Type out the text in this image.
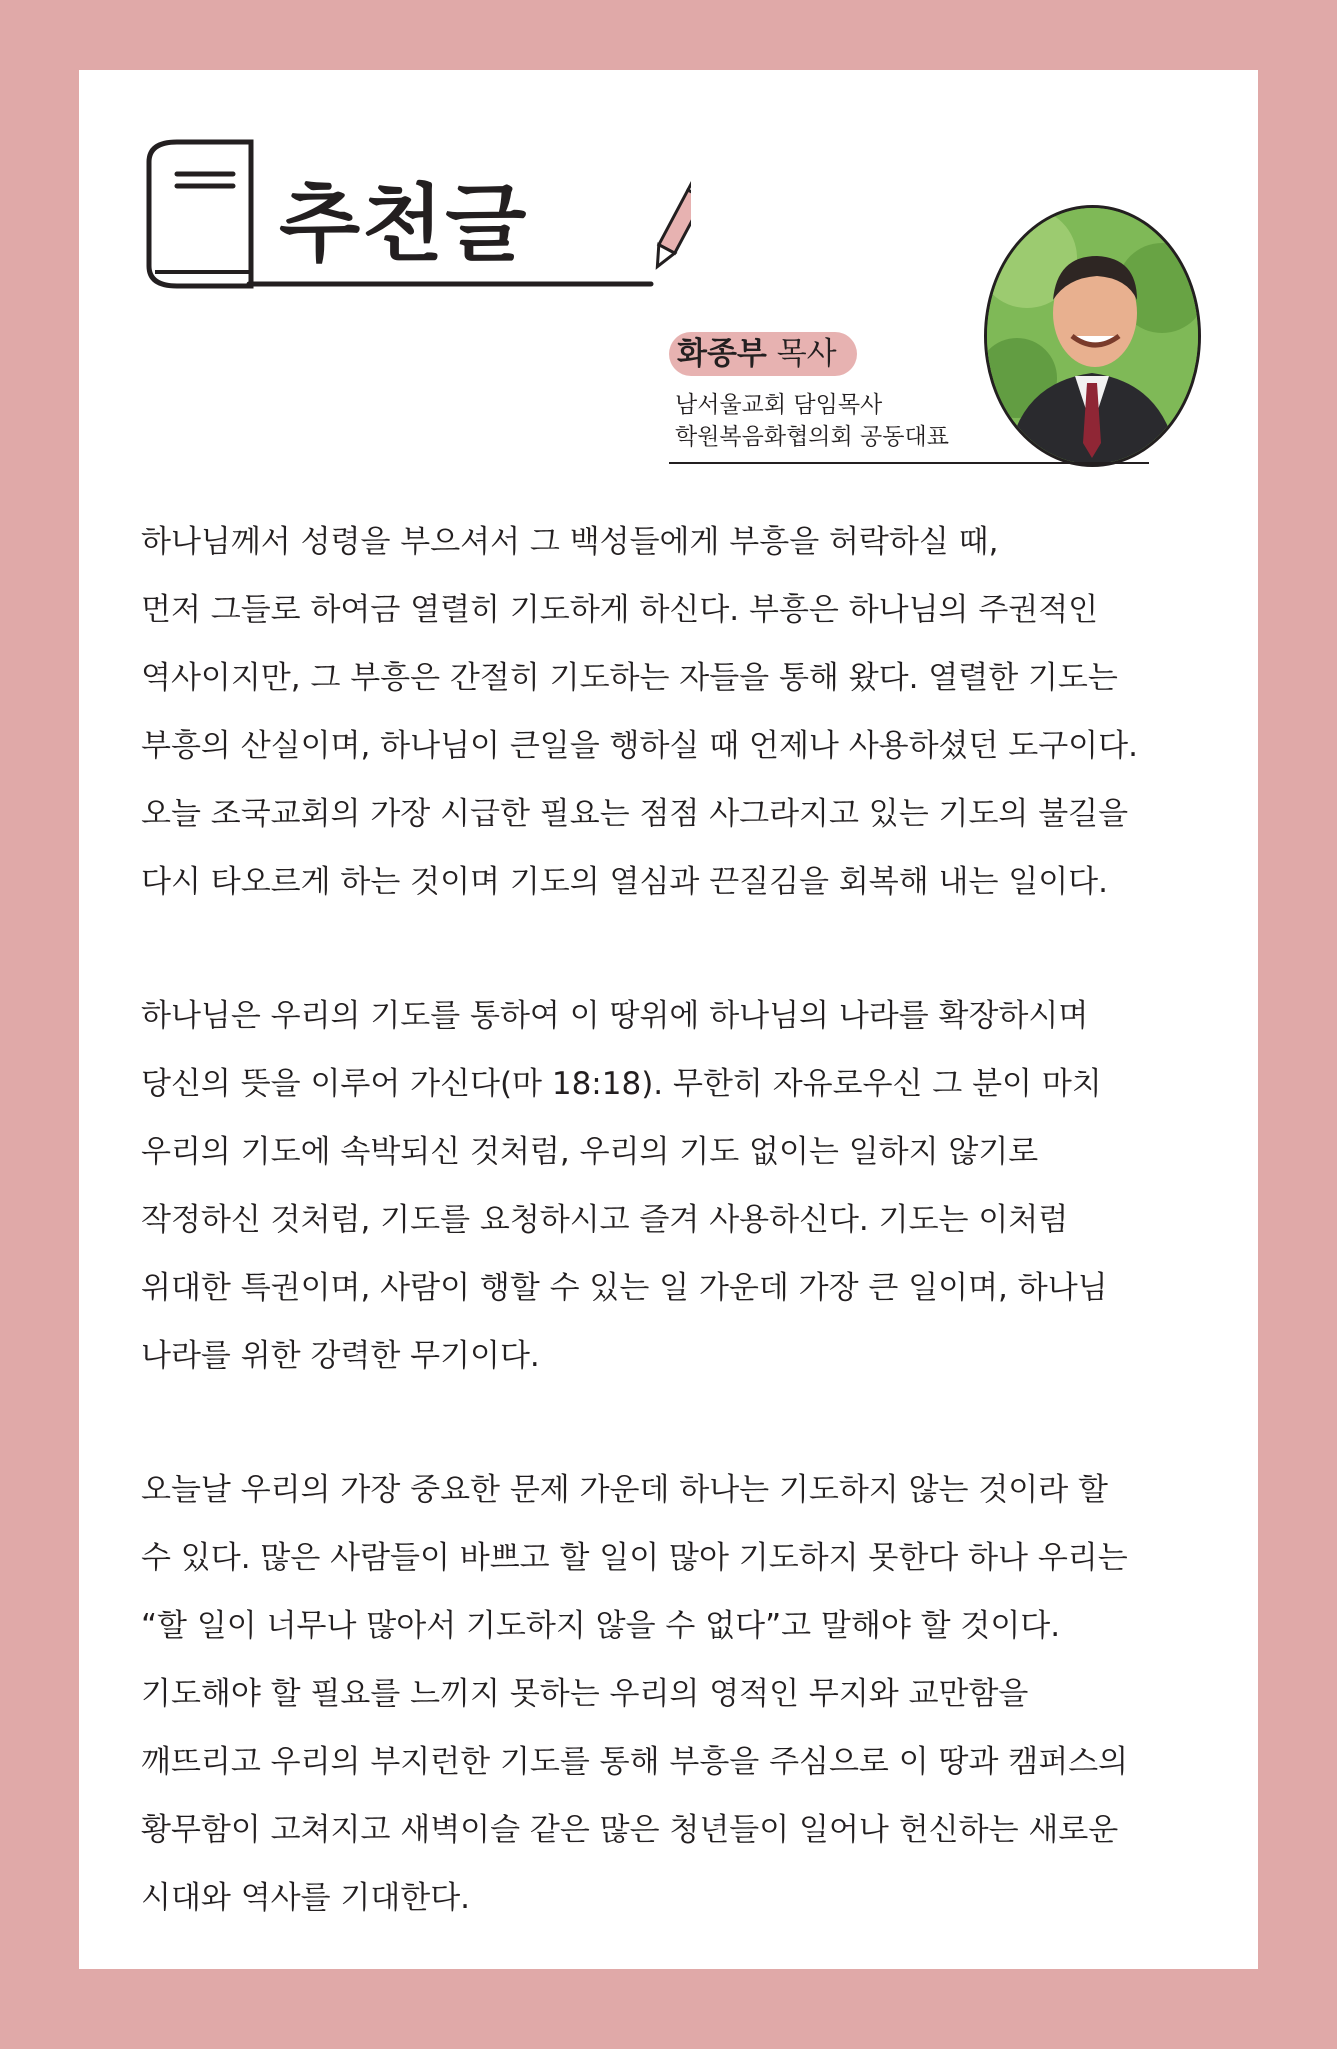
추천글
화종부 목사
남서울교회 담임목사
학원복음화협의회 공동대표
하나님께서 성령을 부으셔서 그 백성들에게 부흥을 허락하실 때,
먼저 그들로 하여금 열렬히 기도하게 하신다. 부흥은 하나님의 주권적인
역사이지만, 그 부흥은 간절히 기도하는 자들을 통해 왔다. 열렬한 기도는
부흥의 산실이며, 하나님이 큰일을 행하실 때 언제나 사용하셨던 도구이다.
오늘 조국교회의 가장 시급한 필요는 점점 사그라지고 있는 기도의 불길을
다시 타오르게 하는 것이며 기도의 열심과 끈질김을 회복해 내는 일이다.
하나님은 우리의 기도를 통하여 이 땅위에 하나님의 나라를 확장하시며
당신의 뜻을 이루어 가신다(마 18:18). 무한히 자유로우신 그 분이 마치
우리의 기도에 속박되신 것처럼, 우리의 기도 없이는 일하지 않기로
작정하신 것처럼, 기도를 요청하시고 즐겨 사용하신다. 기도는 이처럼
위대한 특권이며, 사람이 행할 수 있는 일 가운데 가장 큰 일이며, 하나님
나라를 위한 강력한 무기이다.
오늘날 우리의 가장 중요한 문제 가운데 하나는 기도하지 않는 것이라 할
수 있다. 많은 사람들이 바쁘고 할 일이 많아 기도하지 못한다 하나 우리는
“할 일이 너무나 많아서 기도하지 않을 수 없다”고 말해야 할 것이다.
기도해야 할 필요를 느끼지 못하는 우리의 영적인 무지와 교만함을
깨뜨리고 우리의 부지런한 기도를 통해 부흥을 주심으로 이 땅과 캠퍼스의
황무함이 고쳐지고 새벽이슬 같은 많은 청년들이 일어나 헌신하는 새로운
시대와 역사를 기대한다.
